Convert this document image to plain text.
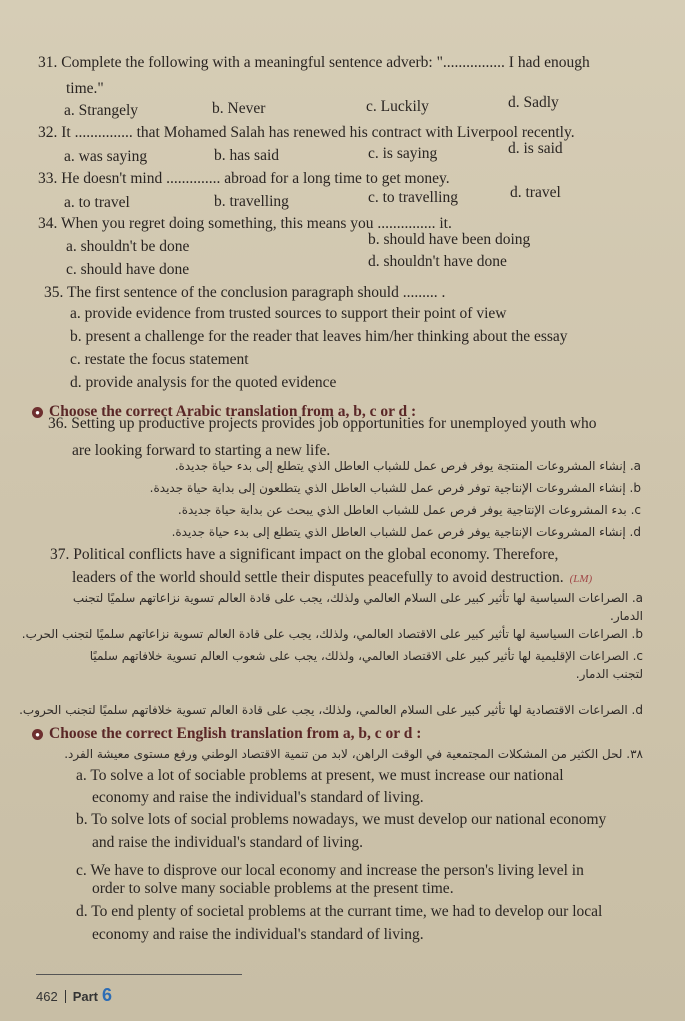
31. Complete the following with a meaningful sentence adverb: "................ I had enough
time."
a. Strangely	b. Never	c. Luckily	d. Sadly
32. It ............... that Mohamed Salah has renewed his contract with Liverpool recently.
a. was saying	b. has said	c. is saying	d. is said
33. He doesn't mind .............. abroad for a long time to get money.
a. to travel	b. travelling	c. to travelling	d. travel
34. When you regret doing something, this means you ............... it.
a. shouldn't be done	b. should have been doing
c. should have done	d. shouldn't have done
35. The first sentence of the conclusion paragraph should ......... .
a. provide evidence from trusted sources to support their point of view
b. present a challenge for the reader that leaves him/her thinking about the essay
c. restate the focus statement
d. provide analysis for the quoted evidence
● Choose the correct Arabic translation from a, b, c or d :
36. Setting up productive projects provides job opportunities for unemployed youth who
are looking forward to starting a new life.
a. إنشاء المشروعات المنتجة يوفر فرص عمل للشباب العاطل الذي يتطلع إلى بدء حياة جديدة.
b. إنشاء المشروعات الإنتاجية توفر فرص عمل للشباب العاطل الذي يتطلعون إلى بداية حياة جديدة.
c. بدء المشروعات الإنتاجية يوفر فرص عمل للشباب العاطل الذي يبحث عن بداية حياة جديدة.
d. إنشاء المشروعات الإنتاجية يوفر فرص عمل للشباب العاطل الذي يتطلع إلى بدء حياة جديدة.
37. Political conflicts have a significant impact on the global economy. Therefore,
leaders of the world should settle their disputes peacefully to avoid destruction. (LM)
a. الصراعات السياسية لها تأثير كبير على السلام العالمي ولذلك، يجب على قادة العالم تسوية نزاعاتهم سلميًا لتجنب
الدمار.
b. الصراعات السياسية لها تأثير كبير على الاقتصاد العالمي، ولذلك، يجب على قادة العالم تسوية نزاعاتهم سلميًا لتجنب الحرب.
c. الصراعات الإقليمية لها تأثير كبير على الاقتصاد العالمي، ولذلك، يجب على شعوب العالم تسوية خلافاتهم سلميًا
لتجنب الدمار.
d. الصراعات الاقتصادية لها تأثير كبير على السلام العالمي، ولذلك، يجب على قادة العالم تسوية خلافاتهم سلميًا لتجنب الحروب.
● Choose the correct English translation from a, b, c or d :
٣٨. لحل الكثير من المشكلات المجتمعية في الوقت الراهن، لابد من تنمية الاقتصاد الوطني ورفع مستوى معيشة الفرد.
a. To solve a lot of sociable problems at present, we must increase our national
economy and raise the individual's standard of living.
b. To solve lots of social problems nowadays, we must develop our national economy
and raise the individual's standard of living.
c. We have to disprove our local economy and increase the person's living level in
order to solve many sociable problems at the present time.
d. To end plenty of societal problems at the currant time, we had to develop our local
economy and raise the individual's standard of living.
462 Part 6
